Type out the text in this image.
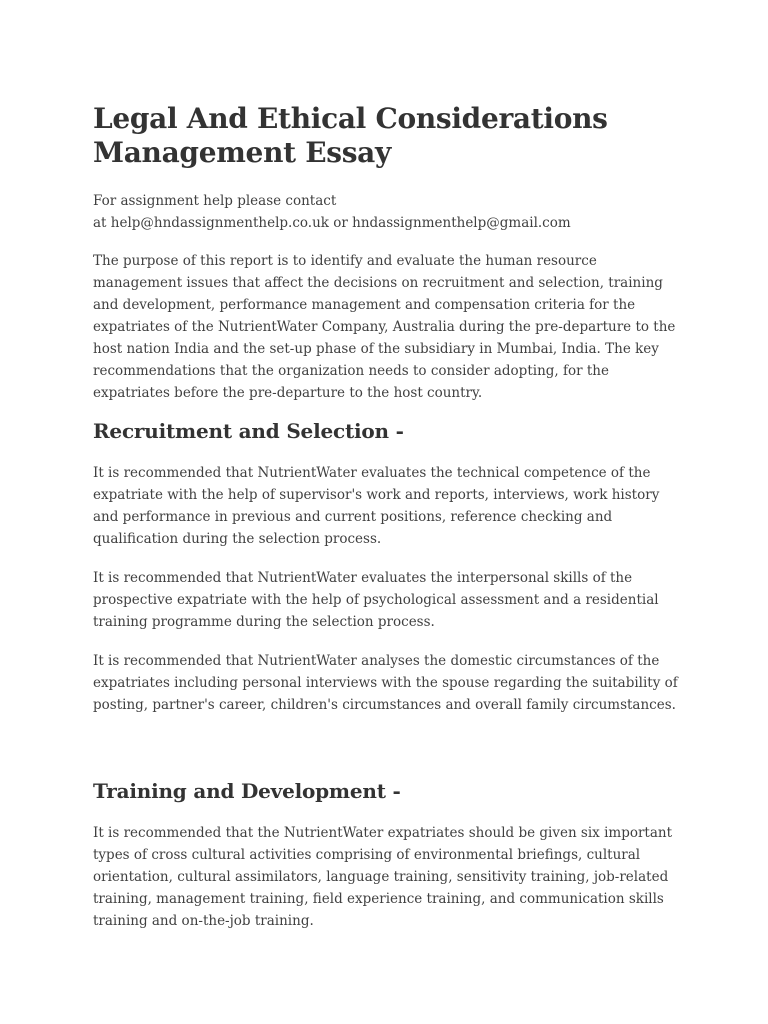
Legal And Ethical Considerations Management Essay

For assignment help please contact
at help@hndassignmenthelp.co.uk or hndassignmenthelp@gmail.com

The purpose of this report is to identify and evaluate the human resource management issues that affect the decisions on recruitment and selection, training and development, performance management and compensation criteria for the expatriates of the NutrientWater Company, Australia during the pre-departure to the host nation India and the set-up phase of the subsidiary in Mumbai, India. The key recommendations that the organization needs to consider adopting, for the expatriates before the pre-departure to the host country.

Recruitment and Selection -

It is recommended that NutrientWater evaluates the technical competence of the expatriate with the help of supervisor's work and reports, interviews, work history and performance in previous and current positions, reference checking and qualification during the selection process.

It is recommended that NutrientWater evaluates the interpersonal skills of the prospective expatriate with the help of psychological assessment and a residential training programme during the selection process.

It is recommended that NutrientWater analyses the domestic circumstances of the expatriates including personal interviews with the spouse regarding the suitability of posting, partner's career, children's circumstances and overall family circumstances.

Training and Development -

It is recommended that the NutrientWater expatriates should be given six important types of cross cultural activities comprising of environmental briefings, cultural orientation, cultural assimilators, language training, sensitivity training, job-related training, management training, field experience training, and communication skills training and on-the-job training.
